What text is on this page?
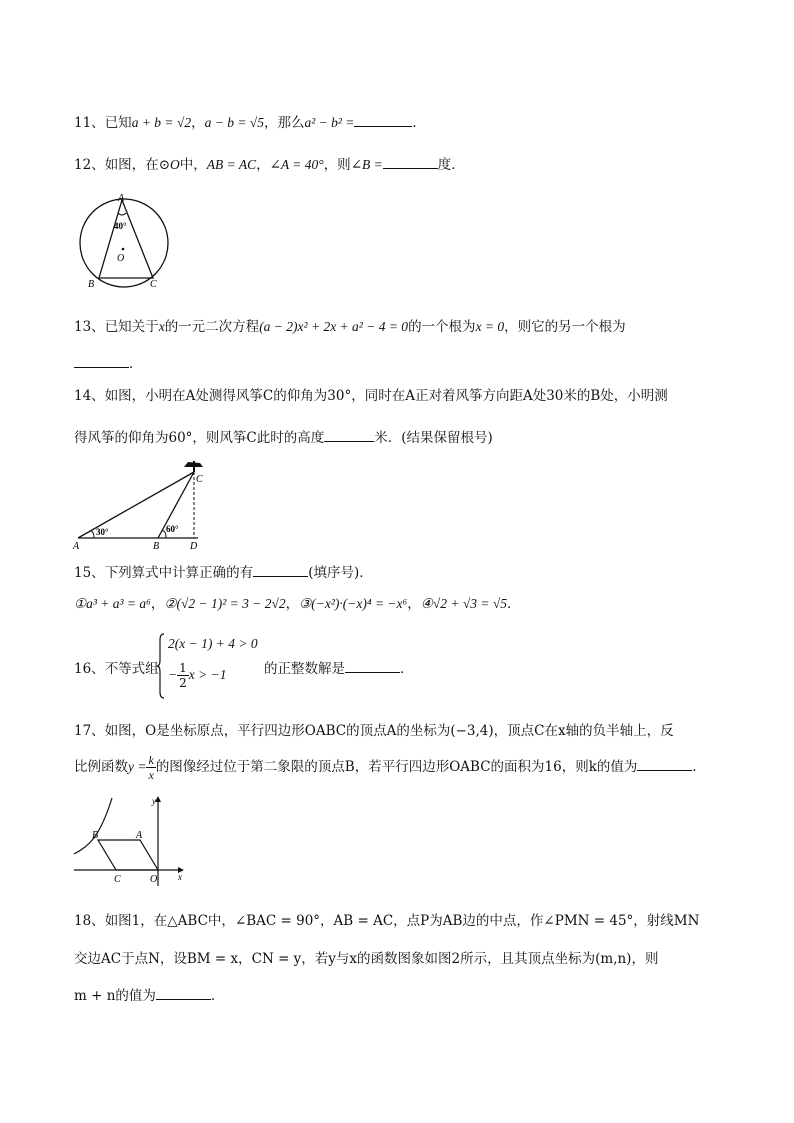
11、已知a + b = √2，a − b = √5，那么a² − b² =	．
12、如图，在⊙O中，AB = AC，∠A = 40°，则∠B =	度．
A
40°
O
B	C
13、已知关于x的一元二次方程(a − 2)x² + 2x + a² − 4 = 0的一个根为x = 0，则它的另一个根为
．
14、如图，小明在A处测得风筝C的仰角为30°，同时在A正对着风筝方向距A处30米的B处，小明测
得风筝的仰角为60°，则风筝C此时的高度	米．(结果保留根号)
C
30°	60°
A	B	D
15、下列算式中计算正确的有	(填序号)．
①a³ + a³ = a⁶，②(√2 − 1)² = 3 − 2√2，③(−x²)·(−x)⁴ = −x⁶，④√2 + √3 = √5．
16、不等式组
2(x − 1) + 4 > 0
− $\frac{1}{2}$ x > −1	的正整数解是	．
17、如图，O是坐标原点，平行四边形OABC的顶点A的坐标为(−3,4)，顶点C在x轴的负半轴上，反
比例函数$y = \frac{k}{x}$ 的图像经过位于第二象限的顶点B，若平行四边形OABC的面积为16，则k的值为	．
y
B	A
C	O x
18、如图1，在△ABC中，∠BAC = 90°，AB = AC，点P为AB边的中点，作∠PMN = 45°，射线MN
交边AC于点N，设BM = x，CN = y，若y与x的函数图象如图2所示，且其顶点坐标为(m,n)，则
m + n的值为	．
